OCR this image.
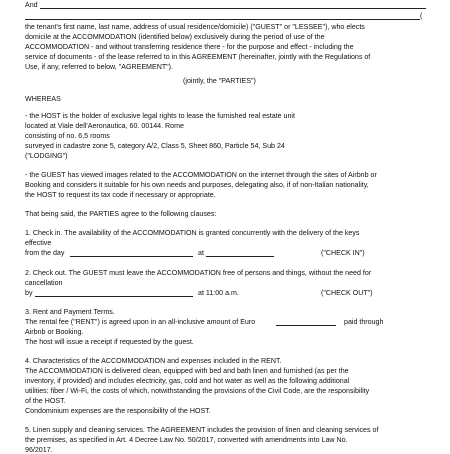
And
(
the tenant's first name, last name, address of usual residence/domicile) ("GUEST" or "LESSEE"), who elects
domicile at the ACCOMMODATION (identified below) exclusively during the period of use of the
ACCOMMODATION - and without transferring residence there - for the purpose and effect - including the
service of documents - of the lease referred to in this AGREEMENT (hereinafter, jointly with the Regulations of
Use, if any, referred to below, "AGREEMENT").
(jointly, the "PARTIES")
WHEREAS
- the HOST is the holder of exclusive legal rights to lease the furnished real estate unit
located at Viale dell'Aeronautica, 60. 00144. Rome
consisting of no. 6,5 rooms
surveyed in cadastre zone 5, category A/2, Class 5, Sheet 860, Particle 54, Sub 24
("LODGING")
- the GUEST has viewed images related to the ACCOMMODATION on the internet through the sites of Airbnb or
Booking and considers it suitable for his own needs and purposes, delegating also, if of non-Italian nationality,
the HOST to request its tax code if necessary or appropriate.
That being said, the PARTIES agree to the following clauses:
1. Check in. The availability of the ACCOMMODATION is granted concurrently with the delivery of the keys
effective
from the day	at	("CHECK IN")
2. Check out. The GUEST must leave the ACCOMMODATION free of persons and things, without the need for
cancellation
by	at 11:00 a.m.	("CHECK OUT")
3. Rent and Payment Terms.
The rental fee ("RENT") is agreed upon in an all-inclusive amount of Euro	paid through
Airbnb or Booking.
The host will issue a receipt if requested by the guest.
4. Characteristics of the ACCOMMODATION and expenses included in the RENT.
The ACCOMMODATION is delivered clean, equipped with bed and bath linen and furnished (as per the
inventory, if provided) and includes electricity, gas, cold and hot water as well as the following additional
utilities: fiber / Wi-Fi, the costs of which, notwithstanding the provisions of the Civil Code, are the responsibility
of the HOST.
Condominium expenses are the responsibility of the HOST.
5. Linen supply and cleaning services. The AGREEMENT includes the provision of linen and cleaning services of
the premises, as specified in Art. 4 Decree Law No. 50/2017, converted with amendments into Law No.
96/2017.
